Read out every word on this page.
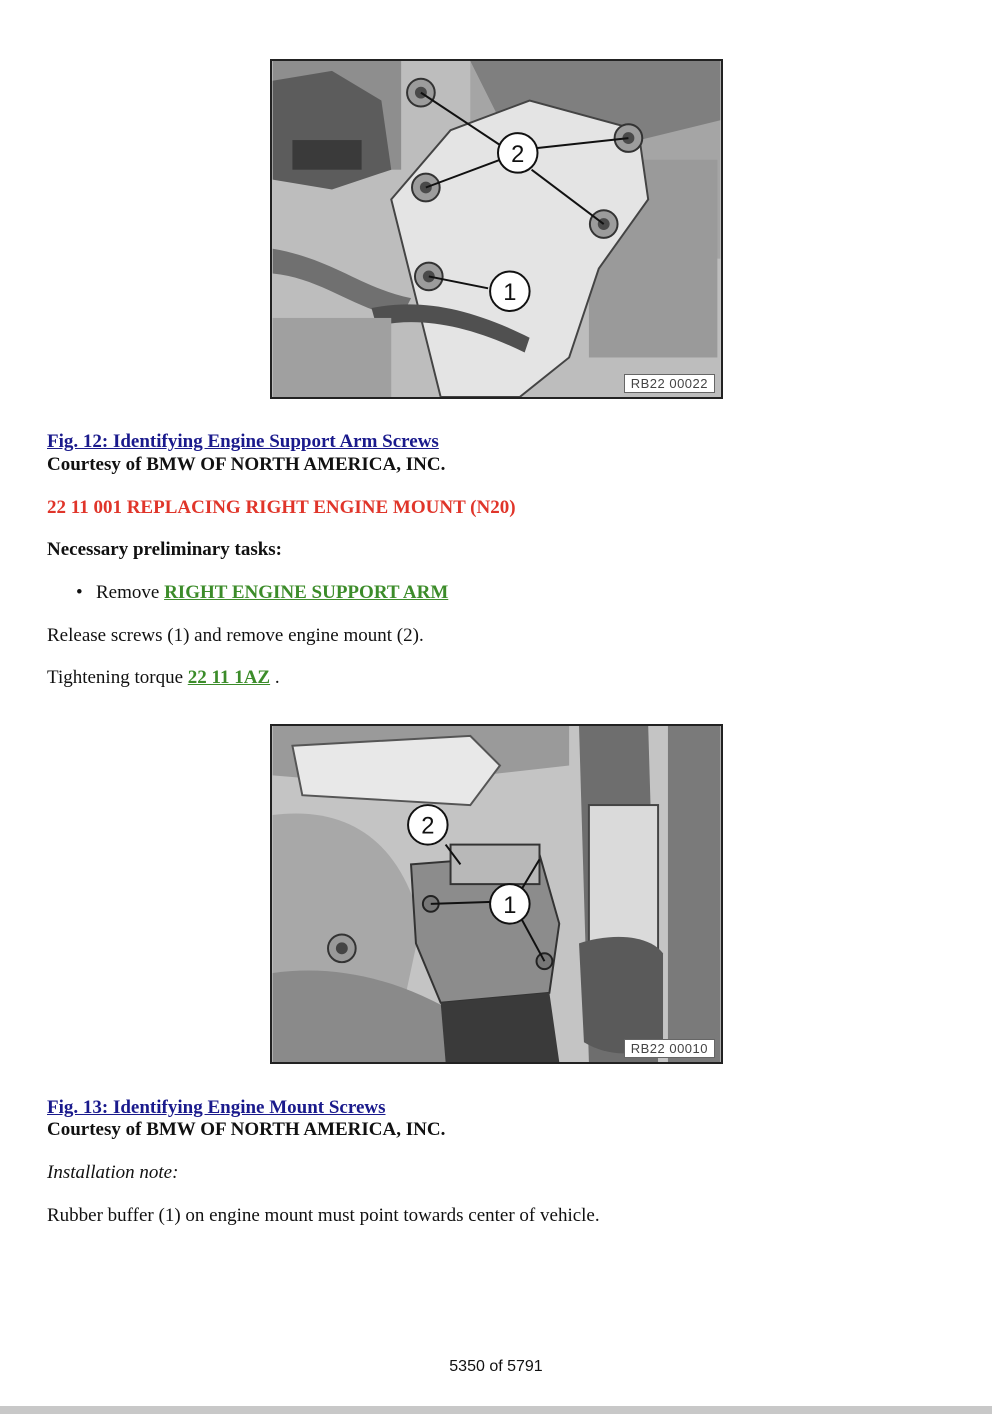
2
1
RB22 00022
Fig. 12: Identifying Engine Support Arm Screws
Courtesy of BMW OF NORTH AMERICA, INC.
22 11 001 REPLACING RIGHT ENGINE MOUNT (N20)
Necessary preliminary tasks:
• Remove RIGHT ENGINE SUPPORT ARM
Release screws (1) and remove engine mount (2).
Tightening torque 22 11 1AZ .
2
1
RB22 00010
Fig. 13: Identifying Engine Mount Screws
Courtesy of BMW OF NORTH AMERICA, INC.
Installation note:
Rubber buffer (1) on engine mount must point towards center of vehicle.
5350 of 5791
